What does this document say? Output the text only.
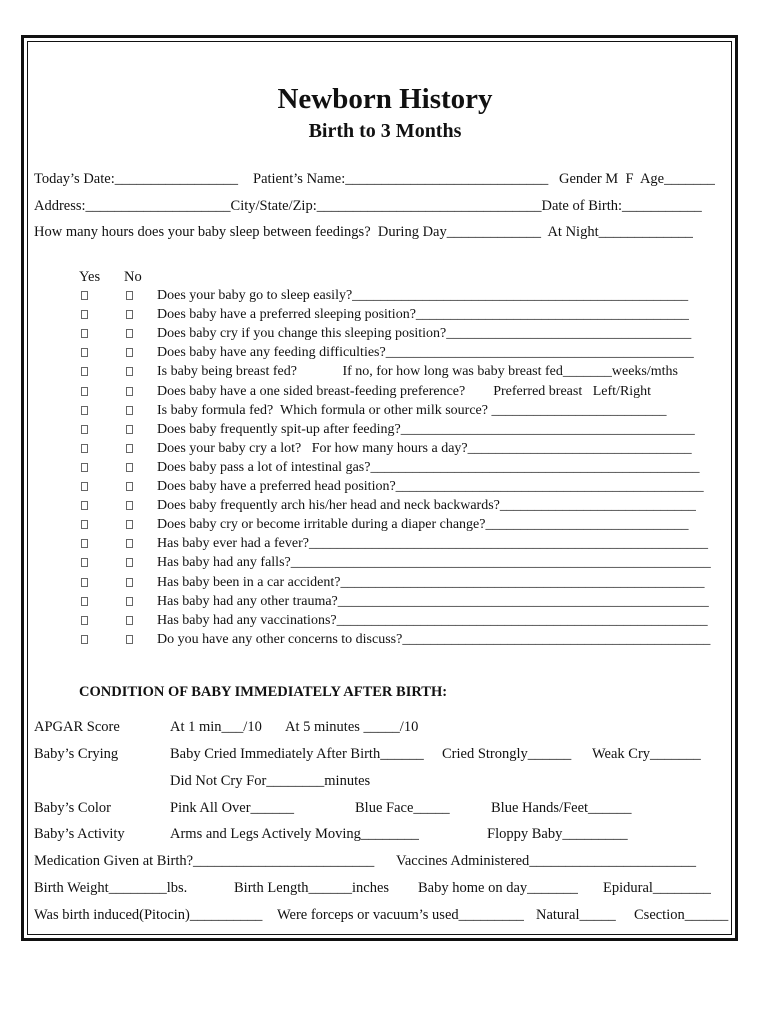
Newborn History
Birth to 3 Months
Today’s Date:_________________ Patient’s Name:____________________________ Gender M  F  Age_______
Address:____________________City/State/Zip:_______________________________Date of Birth:___________
How many hours does your baby sleep between feedings?  During Day_____________  At Night_____________
Yes No
Does your baby go to sleep easily?________________________________________________
Does baby have a preferred sleeping position?_______________________________________
Does baby cry if you change this sleeping position?___________________________________
Does baby have any feeding difficulties?____________________________________________
Is baby being breast fed?             If no, for how long was baby breast fed_______weeks/mths
Does baby have a one sided breast-feeding preference?        Preferred breast   Left/Right
Is baby formula fed?  Which formula or other milk source? _________________________
Does baby frequently spit-up after feeding?__________________________________________
Does your baby cry a lot?   For how many hours a day?________________________________
Does baby pass a lot of intestinal gas?_______________________________________________
Does baby have a preferred head position?____________________________________________
Does baby frequently arch his/her head and neck backwards?____________________________
Does baby cry or become irritable during a diaper change?_____________________________
Has baby ever had a fever?_________________________________________________________
Has baby had any falls?____________________________________________________________
Has baby been in a car accident?____________________________________________________
Has baby had any other trauma?_____________________________________________________
Has baby had any vaccinations?_____________________________________________________
Do you have any other concerns to discuss?____________________________________________
CONDITION OF BABY IMMEDIATELY AFTER BIRTH:
APGAR Score	At 1 min___/10 At 5 minutes _____/10
Baby’s Crying	Baby Cried Immediately After Birth______ Cried Strongly______ Weak Cry_______
Did Not Cry For________minutes
Baby’s Color	Pink All Over______	Blue Face_____	Blue Hands/Feet______
Baby’s Activity	Arms and Legs Actively Moving________	Floppy Baby_________
Medication Given at Birth?_________________________ Vaccines Administered_______________________
Birth Weight________lbs.	Birth Length______inches Baby home on day_______ Epidural________
Was birth induced(Pitocin)__________ Were forceps or vacuum’s used_________ Natural_____ Csection______
